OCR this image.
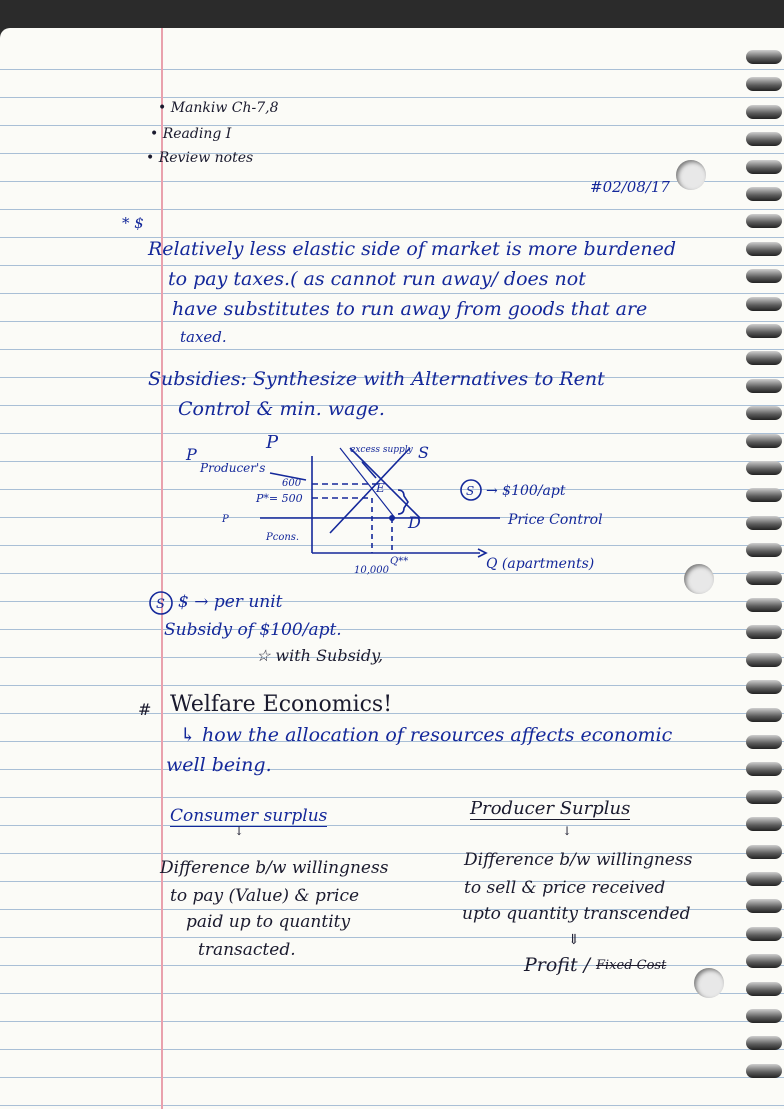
• Mankiw Ch-7,8
• Reading I
• Review notes
#02/08/17
* $
Relatively less elastic side of market is more burdened
to pay taxes.( as cannot run away/ does not
have substitutes to run away from goods that are
taxed.
Subsidies: Synthesize with Alternatives to Rent
Control & min. wage.
P
P
Producer's
excess supply S
D
600
P*= 500
Pcons.
P
E	S → $100/apt
Price Control
10,000
Q**	Q (apartments)
S $ → per unit
Subsidy of $100/apt.
☆ with Subsidy,
# Welfare Economics!
↳ how the allocation of resources affects economic
well being.
Consumer surplus
↓
Difference b/w willingness
to pay (Value) & price
paid up to quantity
transacted.
Producer Surplus
↓
Difference b/w willingness
to sell & price received
upto quantity transcended
⇓
Profit / Fixed Cost
